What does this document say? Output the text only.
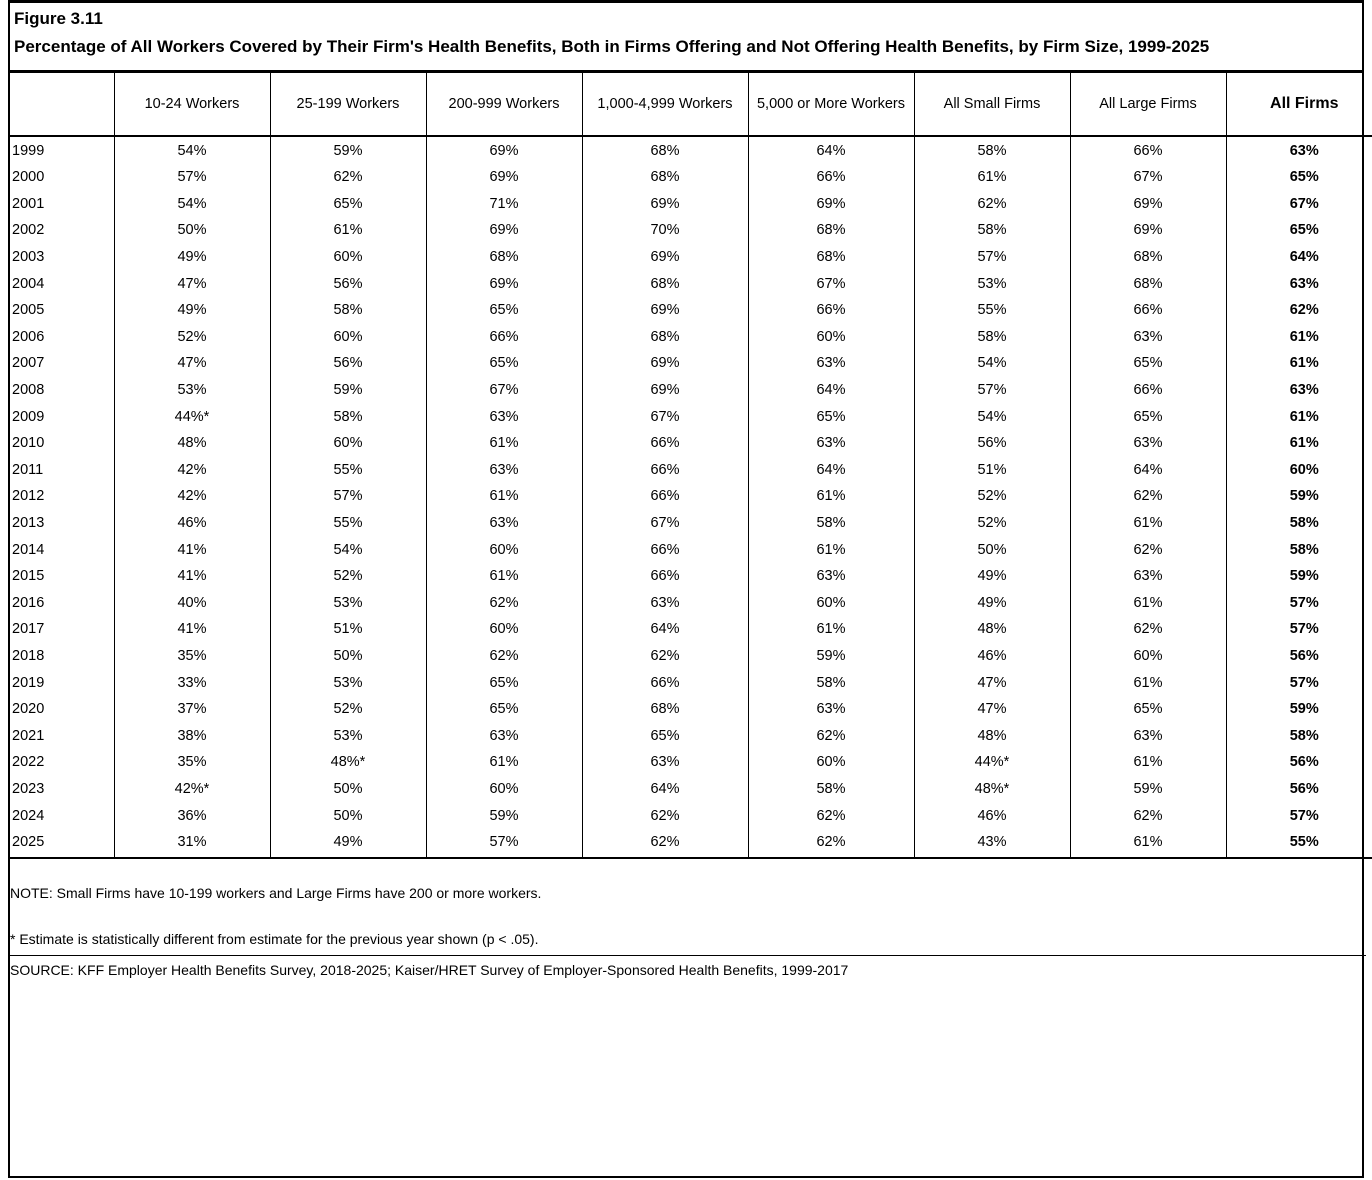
Figure 3.11
Percentage of All Workers Covered by Their Firm's Health Benefits, Both in Firms Offering and Not Offering Health Benefits, by Firm Size, 1999-2025
	10-24 Workers	25-199 Workers	200-999 Workers	1,000-4,999 Workers	5,000 or More Workers	All Small Firms	All Large Firms	All Firms
1999	54%	59%	69%	68%	64%	58%	66%	63%
2000	57%	62%	69%	68%	66%	61%	67%	65%
2001	54%	65%	71%	69%	69%	62%	69%	67%
2002	50%	61%	69%	70%	68%	58%	69%	65%
2003	49%	60%	68%	69%	68%	57%	68%	64%
2004	47%	56%	69%	68%	67%	53%	68%	63%
2005	49%	58%	65%	69%	66%	55%	66%	62%
2006	52%	60%	66%	68%	60%	58%	63%	61%
2007	47%	56%	65%	69%	63%	54%	65%	61%
2008	53%	59%	67%	69%	64%	57%	66%	63%
2009	44%*	58%	63%	67%	65%	54%	65%	61%
2010	48%	60%	61%	66%	63%	56%	63%	61%
2011	42%	55%	63%	66%	64%	51%	64%	60%
2012	42%	57%	61%	66%	61%	52%	62%	59%
2013	46%	55%	63%	67%	58%	52%	61%	58%
2014	41%	54%	60%	66%	61%	50%	62%	58%
2015	41%	52%	61%	66%	63%	49%	63%	59%
2016	40%	53%	62%	63%	60%	49%	61%	57%
2017	41%	51%	60%	64%	61%	48%	62%	57%
2018	35%	50%	62%	62%	59%	46%	60%	56%
2019	33%	53%	65%	66%	58%	47%	61%	57%
2020	37%	52%	65%	68%	63%	47%	65%	59%
2021	38%	53%	63%	65%	62%	48%	63%	58%
2022	35%	48%*	61%	63%	60%	44%*	61%	56%
2023	42%*	50%	60%	64%	58%	48%*	59%	56%
2024	36%	50%	59%	62%	62%	46%	62%	57%
2025	31%	49%	57%	62%	62%	43%	61%	55%
NOTE: Small Firms have 10-199 workers and Large Firms have 200 or more workers.
* Estimate is statistically different from estimate for the previous year shown (p < .05).
SOURCE: KFF Employer Health Benefits Survey, 2018-2025; Kaiser/HRET Survey of Employer-Sponsored Health Benefits, 1999-2017
